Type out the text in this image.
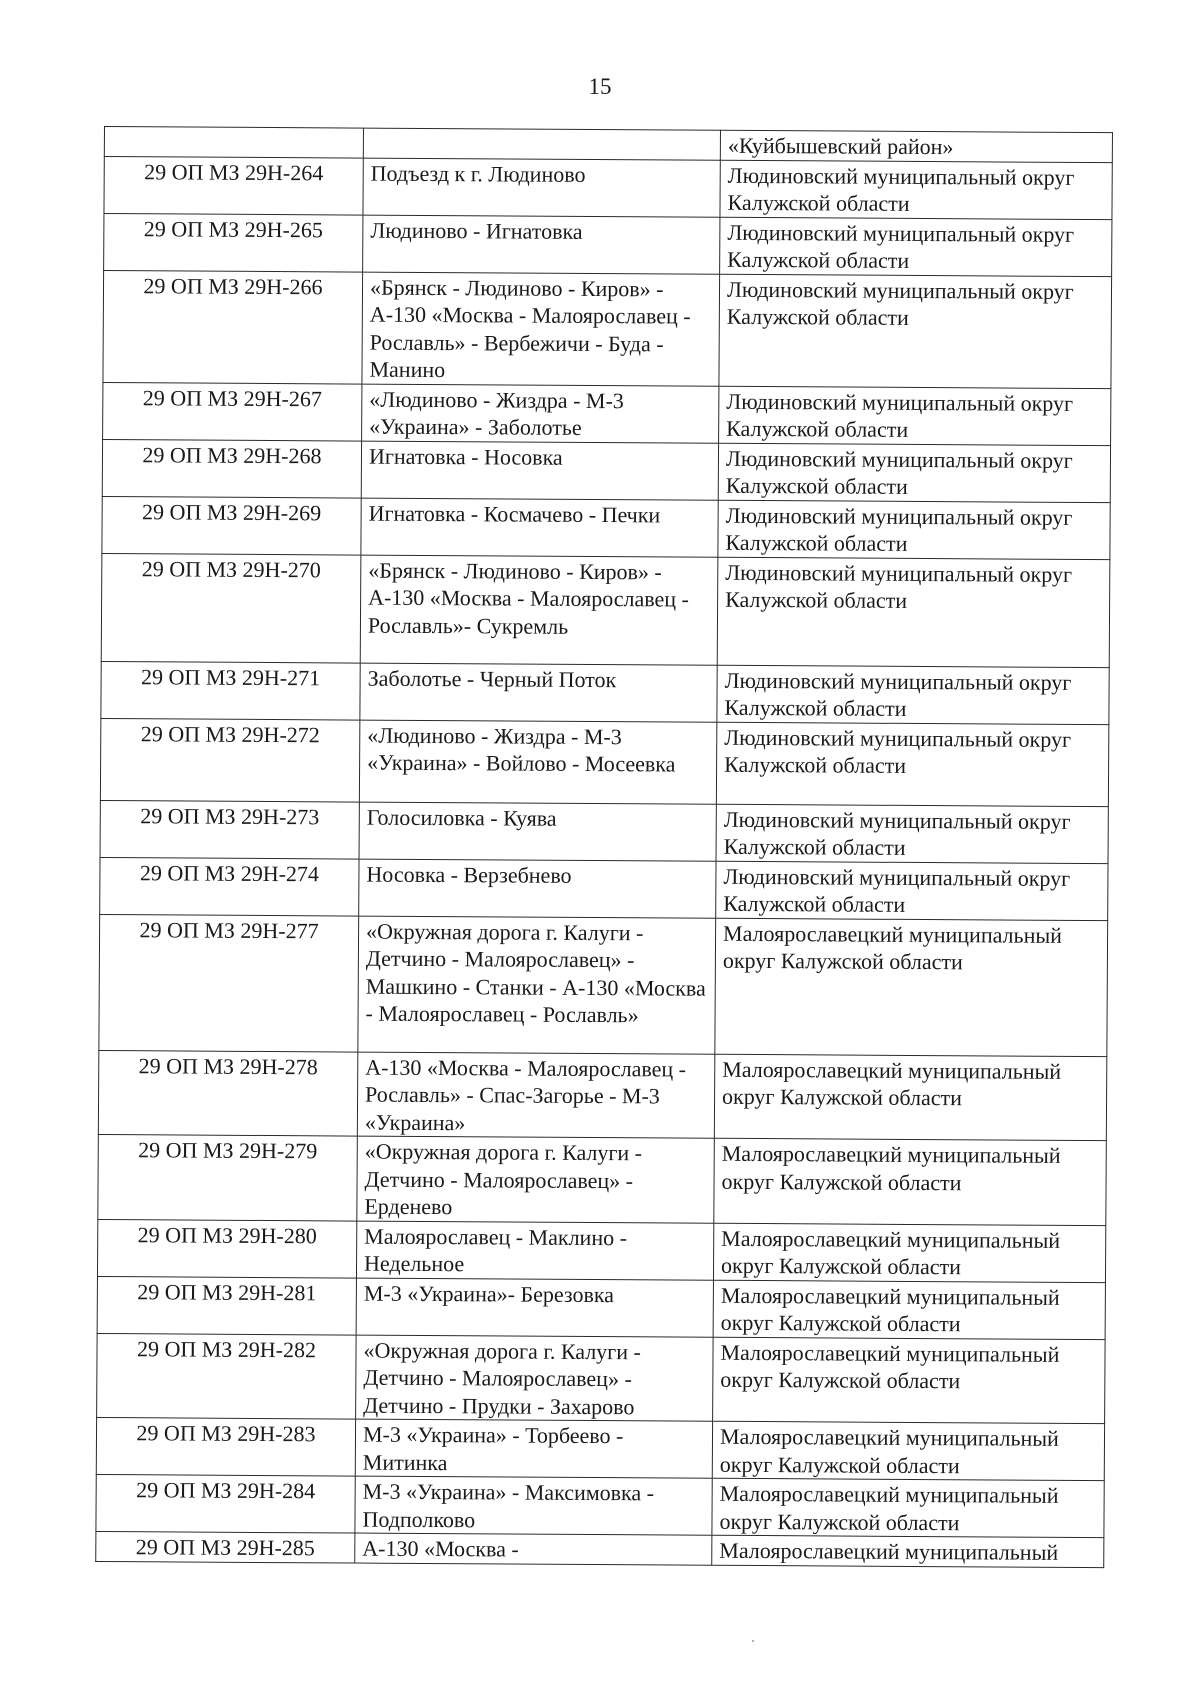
15
		«Куйбышевский район»
29 ОП МЗ 29Н-264	Подъезд к г. Людиново	Людиновский муниципальный округ Калужской области
29 ОП МЗ 29Н-265	Людиново - Игнатовка	Людиновский муниципальный округ Калужской области
29 ОП МЗ 29Н-266	«Брянск - Людиново - Киров» - А-130 «Москва - Малоярославец - Рославль» - Вербежичи - Буда - Манино	Людиновский муниципальный округ Калужской области
29 ОП МЗ 29Н-267	«Людиново - Жиздра - М-3 «Украина» - Заболотье	Людиновский муниципальный округ Калужской области
29 ОП МЗ 29Н-268	Игнатовка - Носовка	Людиновский муниципальный округ Калужской области
29 ОП МЗ 29Н-269	Игнатовка - Космачево - Печки	Людиновский муниципальный округ Калужской области
29 ОП МЗ 29Н-270	«Брянск - Людиново - Киров» - А-130 «Москва - Малоярославец - Рославль»- Сукремль	Людиновский муниципальный округ Калужской области
29 ОП МЗ 29Н-271	Заболотье - Черный Поток	Людиновский муниципальный округ Калужской области
29 ОП МЗ 29Н-272	«Людиново - Жиздра - М-3 «Украина» - Войлово - Мосеевка	Людиновский муниципальный округ Калужской области
29 ОП МЗ 29Н-273	Голосиловка - Куява	Людиновский муниципальный округ Калужской области
29 ОП МЗ 29Н-274	Носовка - Верзебнево	Людиновский муниципальный округ Калужской области
29 ОП МЗ 29Н-277	«Окружная дорога г. Калуги - Детчино - Малоярославец» - Машкино - Станки - А-130 «Москва - Малоярославец - Рославль»	Малоярославецкий муниципальный округ Калужской области
29 ОП МЗ 29Н-278	А-130 «Москва - Малоярославец - Рославль» - Спас-Загорье - М-3 «Украина»	Малоярославецкий муниципальный округ Калужской области
29 ОП МЗ 29Н-279	«Окружная дорога г. Калуги - Детчино - Малоярославец» - Ерденево	Малоярославецкий муниципальный округ Калужской области
29 ОП МЗ 29Н-280	Малоярославец - Маклино - Недельное	Малоярославецкий муниципальный округ Калужской области
29 ОП МЗ 29Н-281	М-3 «Украина»- Березовка	Малоярославецкий муниципальный округ Калужской области
29 ОП МЗ 29Н-282	«Окружная дорога г. Калуги - Детчино - Малоярославец» - Детчино - Прудки - Захарово	Малоярославецкий муниципальный округ Калужской области
29 ОП МЗ 29Н-283	М-3 «Украина» - Торбеево - Митинка	Малоярославецкий муниципальный округ Калужской области
29 ОП МЗ 29Н-284	М-3 «Украина» - Максимовка - Подполково	Малоярославецкий муниципальный округ Калужской области
29 ОП МЗ 29Н-285	А-130 «Москва -	Малоярославецкий муниципальный
